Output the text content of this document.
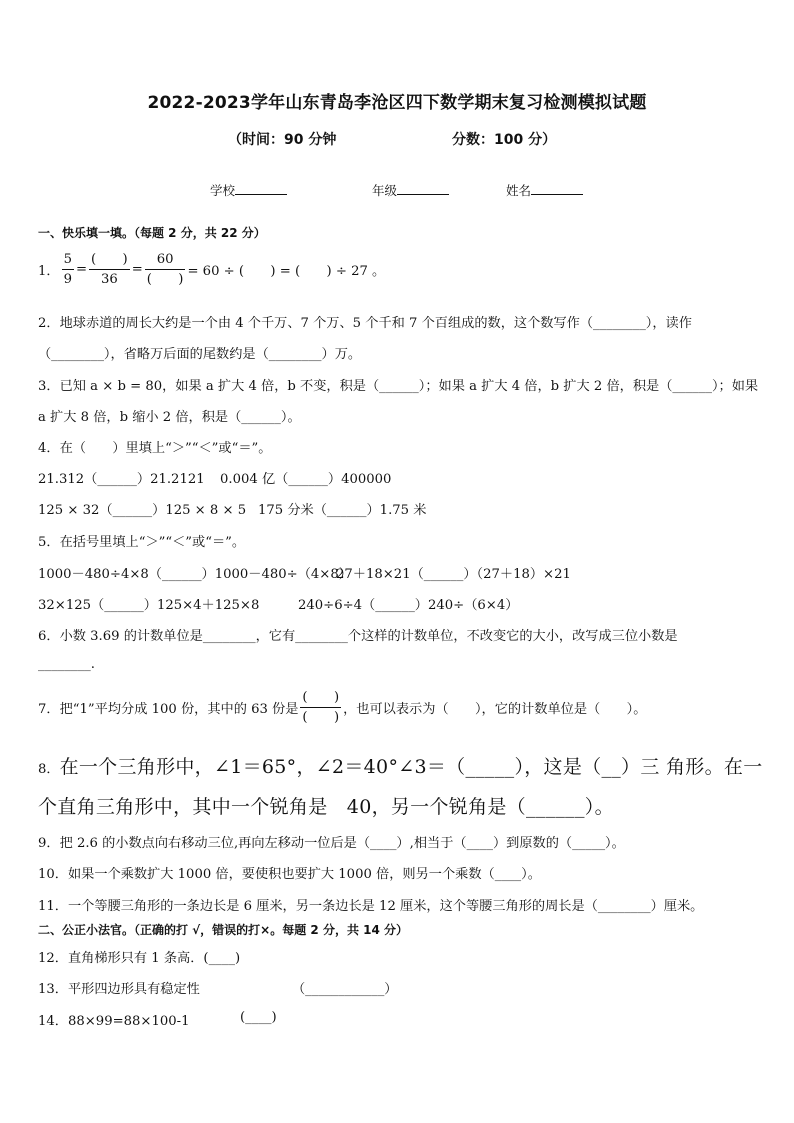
2022-2023学年山东青岛李沧区四下数学期末复习检测模拟试题
（时间：90 分钟	分数：100 分）
学校	年级	姓名
一、快乐填一填。（每题 2 分，共 22 分）
1． $\frac{5}{9} = \frac{( )}{36} = \frac{60}{( )} = 60$ ÷ (　　) = (　　) ÷ 27 。
2．地球赤道的周长大约是一个由 4 个千万、7 个万、5 个千和 7 个百组成的数，这个数写作（________），读作
（________），省略万后面的尾数约是（________）万。
3．已知 a × b = 80，如果 a 扩大 4 倍，b 不变，积是（______）；如果 a 扩大 4 倍，b 扩大 2 倍，积是（______）；如果
a 扩大 8 倍，b 缩小 2 倍，积是（______）。
4．在（　　）里填上“＞”“＜”或“＝”。
21.312（______）21.2121 0.004 亿（______）400000
125 × 32（______）125 × 8 × 5 175 分米（______）1.75 米
5．在括号里填上“＞”“＜”或“＝”。
1000－480÷4×8（______）1000－480÷（4×8）
27＋18×21（______）（27＋18）×21
32×125（______）125×4＋125×8	240÷6÷4（______）240÷（6×4）
6．小数 3.69 的计数单位是________，它有________个这样的计数单位，不改变它的大小，改写成三位小数是
________.
7．把“1”平均分成 100 份，其中的 63 份是 $\frac{( )}{( )}$ ，也可以表示为（　　），它的计数单位是（　　）。
8．在一个三角形中，∠1＝65°，∠2＝40°∠3＝（_____），这是（__）三 角形。在一
个直角三角形中，其中一个锐角是　40，另一个锐角是（______）。
9．把 2.6 的小数点向右移动三位,再向左移动一位后是（____）,相当于（____）到原数的（_____）。
10．如果一个乘数扩大 1000 倍，要使积也要扩大 1000 倍，则另一个乘数（____）。
11．一个等腰三角形的一条边长是 6 厘米，另一条边长是 12 厘米，这个等腰三角形的周长是（________）厘米。
二、公正小法官。（正确的打 √，错误的打×。每题 2 分，共 14 分）
12．直角梯形只有 1 条高．(____)
13．平形四边形具有稳定性	（____________）
14．88×99=88×100-1	(____)
